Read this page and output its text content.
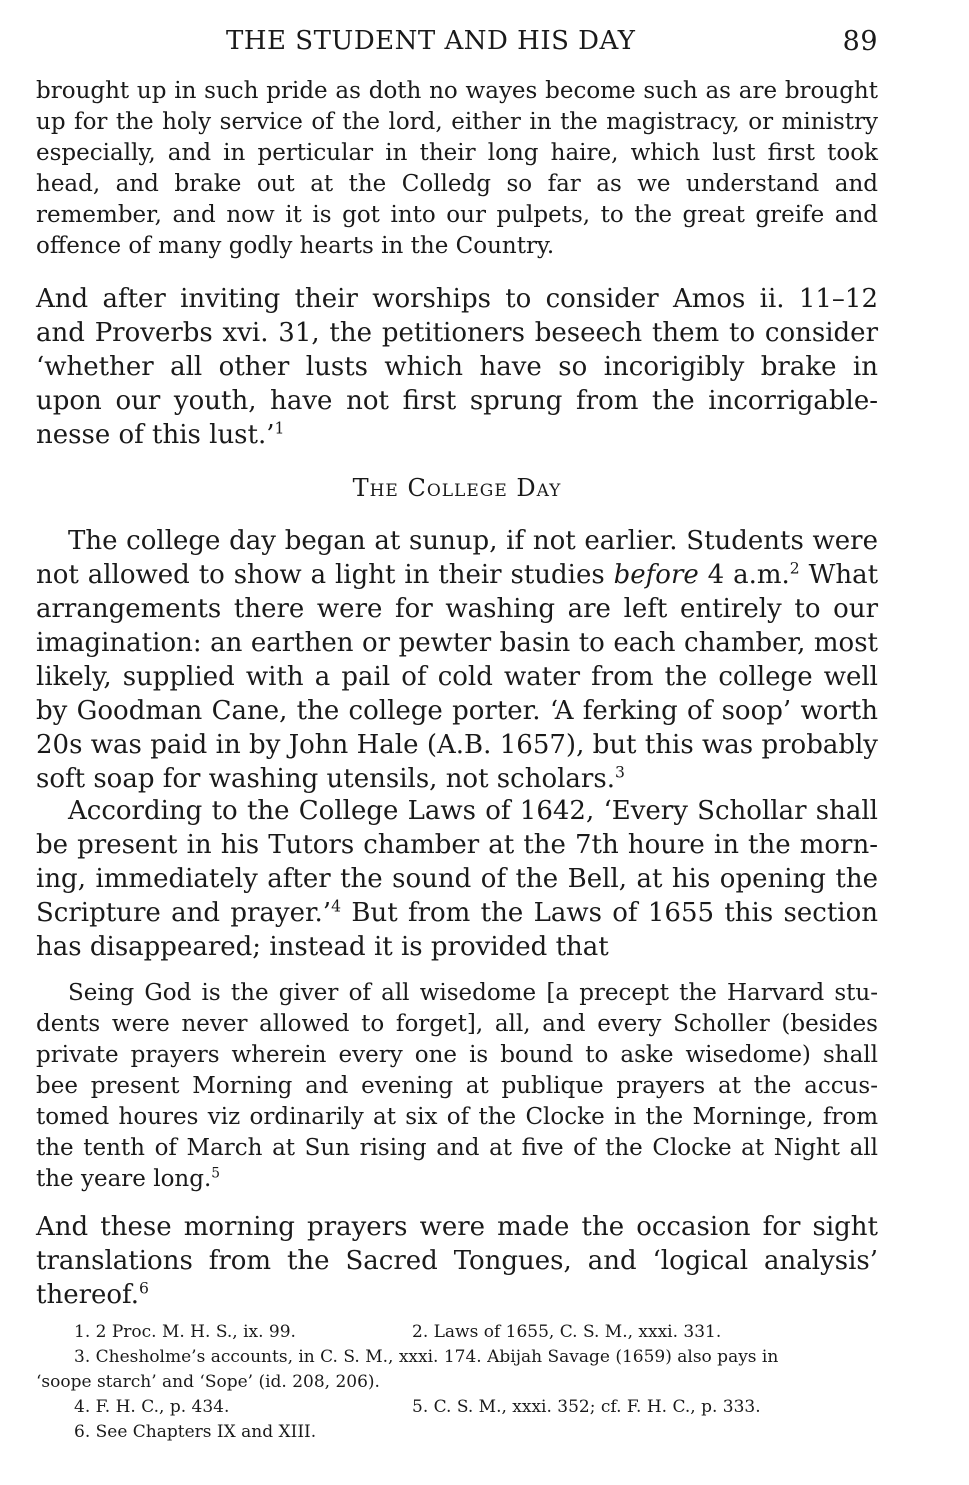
THE STUDENT AND HIS DAY	89

brought up in such pride as doth no wayes become such as are brought up for the holy service of the lord, either in the magistracy, or ministry especially, and in perticular in their long haire, which lust first took head, and brake out at the Colledg so far as we understand and remember, and now it is got into our pulpets, to the great greife and offence of many godly hearts in the Country.

And after inviting their worships to consider Amos ii. 11–12 and Proverbs xvi. 31, the petitioners beseech them to consider ‘whether all other lusts which have so incorigibly brake in upon our youth, have not first sprung from the incorrigable-nesse of this lust.’$^1$

The College Day

The college day began at sunup, if not earlier. Students were not allowed to show a light in their studies before 4 a.m.$^2$ What arrangements there were for washing are left entirely to our imagination: an earthen or pewter basin to each chamber, most likely, supplied with a pail of cold water from the college well by Goodman Cane, the college porter. ‘A ferking of soop’ worth 20s was paid in by John Hale (A.B. 1657), but this was probably soft soap for washing utensils, not scholars.$^3$

According to the College Laws of 1642, ‘Every Schollar shall be present in his Tutors chamber at the 7th houre in the morn-ing, immediately after the sound of the Bell, at his opening the Scripture and prayer.’$^4$ But from the Laws of 1655 this section has disappeared; instead it is provided that

Seing God is the giver of all wisedome [a precept the Harvard stu-dents were never allowed to forget], all, and every Scholler (besides private prayers wherein every one is bound to aske wisedome) shall bee present Morning and evening at publique prayers at the accus-tomed houres viz ordinarily at six of the Clocke in the Morninge, from the tenth of March at Sun rising and at five of the Clocke at Night all the yeare long.$^5$

And these morning prayers were made the occasion for sight translations from the Sacred Tongues, and ‘logical analysis’ thereof.$^6$

1. 2 Proc. M. H. S., ix. 99.	2. Laws of 1655, C. S. M., xxxi. 331.
3. Chesholme’s accounts, in C. S. M., xxxi. 174. Abijah Savage (1659) also pays in
‘soope starch’ and ‘Sope’ (id. 208, 206).
4. F. H. C., p. 434.	5. C. S. M., xxxi. 352; cf. F. H. C., p. 333.
6. See Chapters IX and XIII.
